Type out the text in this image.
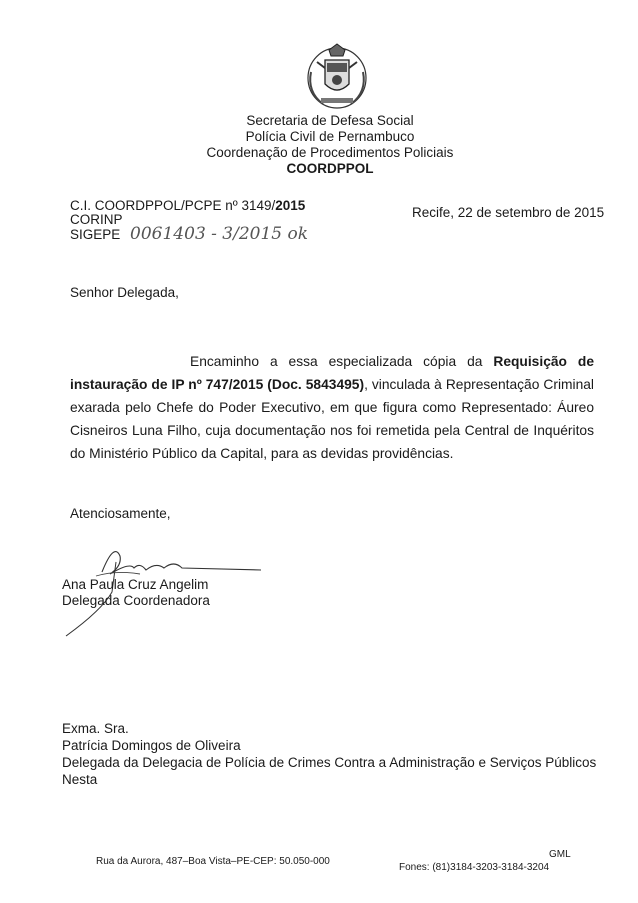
Secretaria de Defesa Social
Polícia Civil de Pernambuco
Coordenação de Procedimentos Policiais
COORDPPOL
C.I. COORDPPOL/PCPE nº 3149/2015
CORINP
SIGEPE 0061403 - 3/2015 ok
Recife, 22 de setembro de 2015
Senhor Delegada,
Encaminho a essa especializada cópia da Requisição de instauração de IP nº 747/2015 (Doc. 5843495), vinculada à Representação Criminal exarada pelo Chefe do Poder Executivo, em que figura como Representado: Áureo Cisneiros Luna Filho, cuja documentação nos foi remetida pela Central de Inquéritos do Ministério Público da Capital, para as devidas providências.
Atenciosamente,
Ana Paula Cruz Angelim
Delegada Coordenadora
Exma. Sra.
Patrícia Domingos de Oliveira
Delegada da Delegacia de Polícia de Crimes Contra a Administração e Serviços Públicos
Nesta
Rua da Aurora, 487–Boa Vista–PE-CEP: 50.050-000
GML
Fones: (81)3184-3203-3184-3204
